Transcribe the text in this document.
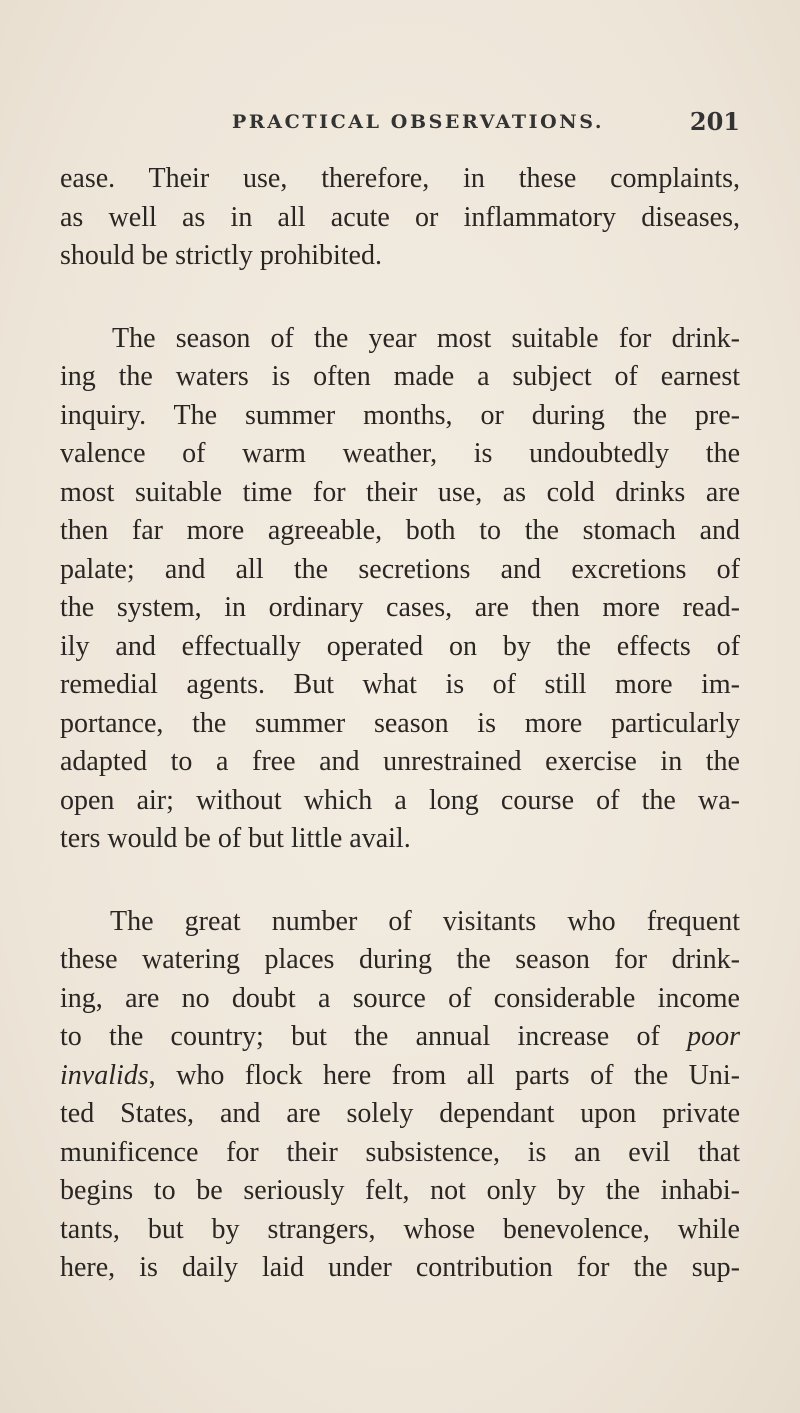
PRACTICAL OBSERVATIONS.	201

ease. Their use, therefore, in these complaints,
as well as in all acute or inflammatory diseases,
should be strictly prohibited.

The season of the year most suitable for drink-
ing the waters is often made a subject of earnest
inquiry. The summer months, or during the pre-
valence of warm weather, is undoubtedly the
most suitable time for their use, as cold drinks are
then far more agreeable, both to the stomach and
palate; and all the secretions and excretions of
the system, in ordinary cases, are then more read-
ily and effectually operated on by the effects of
remedial agents. But what is of still more im-
portance, the summer season is more particularly
adapted to a free and unrestrained exercise in the
open air; without which a long course of the wa-
ters would be of but little avail.

The great number of visitants who frequent
these watering places during the season for drink-
ing, are no doubt a source of considerable income
to the country; but the annual increase of poor
invalids, who flock here from all parts of the Uni-
ted States, and are solely dependant upon private
munificence for their subsistence, is an evil that
begins to be seriously felt, not only by the inhabi-
tants, but by strangers, whose benevolence, while
here, is daily laid under contribution for the sup-
